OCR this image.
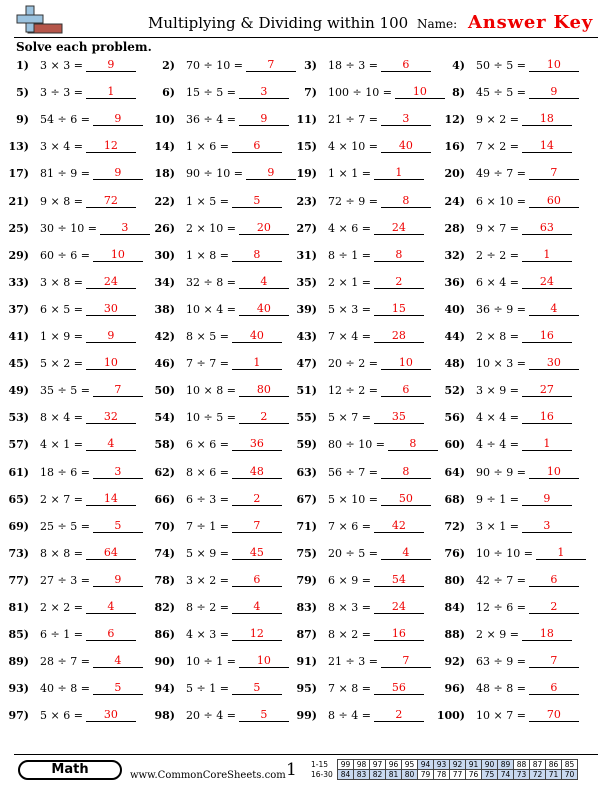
Multiplying & Dividing within 100 Name: Answer Key
Solve each problem.
1) 3 × 3 =	9	2) 70 ÷ 10 =	7	3) 18 ÷ 3 =	6	4) 50 ÷ 5 =	10
5) 3 ÷ 3 =	1	6) 15 ÷ 5 =	3	7) 100 ÷ 10 =	10	8) 45 ÷ 5 =	9
9) 54 ÷ 6 =	9	10) 36 ÷ 4 =	9	11) 21 ÷ 7 =	3	12) 9 × 2 =	18
13) 3 × 4 =	12	14) 1 × 6 =	6	15) 4 × 10 =	40	16) 7 × 2 =	14
17) 81 ÷ 9 =	9	18) 90 ÷ 10 =	9	19) 1 × 1 =	1	20) 49 ÷ 7 =	7
21) 9 × 8 =	72	22) 1 × 5 =	5	23) 72 ÷ 9 =	8	24) 6 × 10 =	60
25) 30 ÷ 10 =	3	26) 2 × 10 =	20	27) 4 × 6 =	24	28) 9 × 7 =	63
29) 60 ÷ 6 =	10	30) 1 × 8 =	8	31) 8 ÷ 1 =	8	32) 2 ÷ 2 =	1
33) 3 × 8 =	24	34) 32 ÷ 8 =	4	35) 2 × 1 =	2	36) 6 × 4 =	24
37) 6 × 5 =	30	38) 10 × 4 =	40	39) 5 × 3 =	15	40) 36 ÷ 9 =	4
41) 1 × 9 =	9	42) 8 × 5 =	40	43) 7 × 4 =	28	44) 2 × 8 =	16
45) 5 × 2 =	10	46) 7 ÷ 7 =	1	47) 20 ÷ 2 =	10	48) 10 × 3 =	30
49) 35 ÷ 5 =	7	50) 10 × 8 =	80	51) 12 ÷ 2 =	6	52) 3 × 9 =	27
53) 8 × 4 =	32	54) 10 ÷ 5 =	2	55) 5 × 7 =	35	56) 4 × 4 =	16
57) 4 × 1 =	4	58) 6 × 6 =	36	59) 80 ÷ 10 =	8	60) 4 ÷ 4 =	1
61) 18 ÷ 6 =	3	62) 8 × 6 =	48	63) 56 ÷ 7 =	8	64) 90 ÷ 9 =	10
65) 2 × 7 =	14	66) 6 ÷ 3 =	2	67) 5 × 10 =	50	68) 9 ÷ 1 =	9
69) 25 ÷ 5 =	5	70) 7 ÷ 1 =	7	71) 7 × 6 =	42	72) 3 × 1 =	3
73) 8 × 8 =	64	74) 5 × 9 =	45	75) 20 ÷ 5 =	4	76) 10 ÷ 10 =	1
77) 27 ÷ 3 =	9	78) 3 × 2 =	6	79) 6 × 9 =	54	80) 42 ÷ 7 =	6
81) 2 × 2 =	4	82) 8 ÷ 2 =	4	83) 8 × 3 =	24	84) 12 ÷ 6 =	2
85) 6 ÷ 1 =	6	86) 4 × 3 =	12	87) 8 × 2 =	16	88) 2 × 9 =	18
89) 28 ÷ 7 =	4	90) 10 ÷ 1 =	10	91) 21 ÷ 3 =	7	92) 63 ÷ 9 =	7
93) 40 ÷ 8 =	5	94) 5 ÷ 1 =	5	95) 7 × 8 =	56	96) 48 ÷ 8 =	6
97) 5 × 6 =	30	98) 20 ÷ 4 =	5	99) 8 ÷ 4 =	2	100) 10 × 7 =	70
Math	www.CommonCoreSheets.com 1 1-15	99	98	97	96	95	94	93	92	91	90	89	88	87	86	85
16-30	84	83	82	81	80	79	78	77	76	75	74	73	72	71	70
